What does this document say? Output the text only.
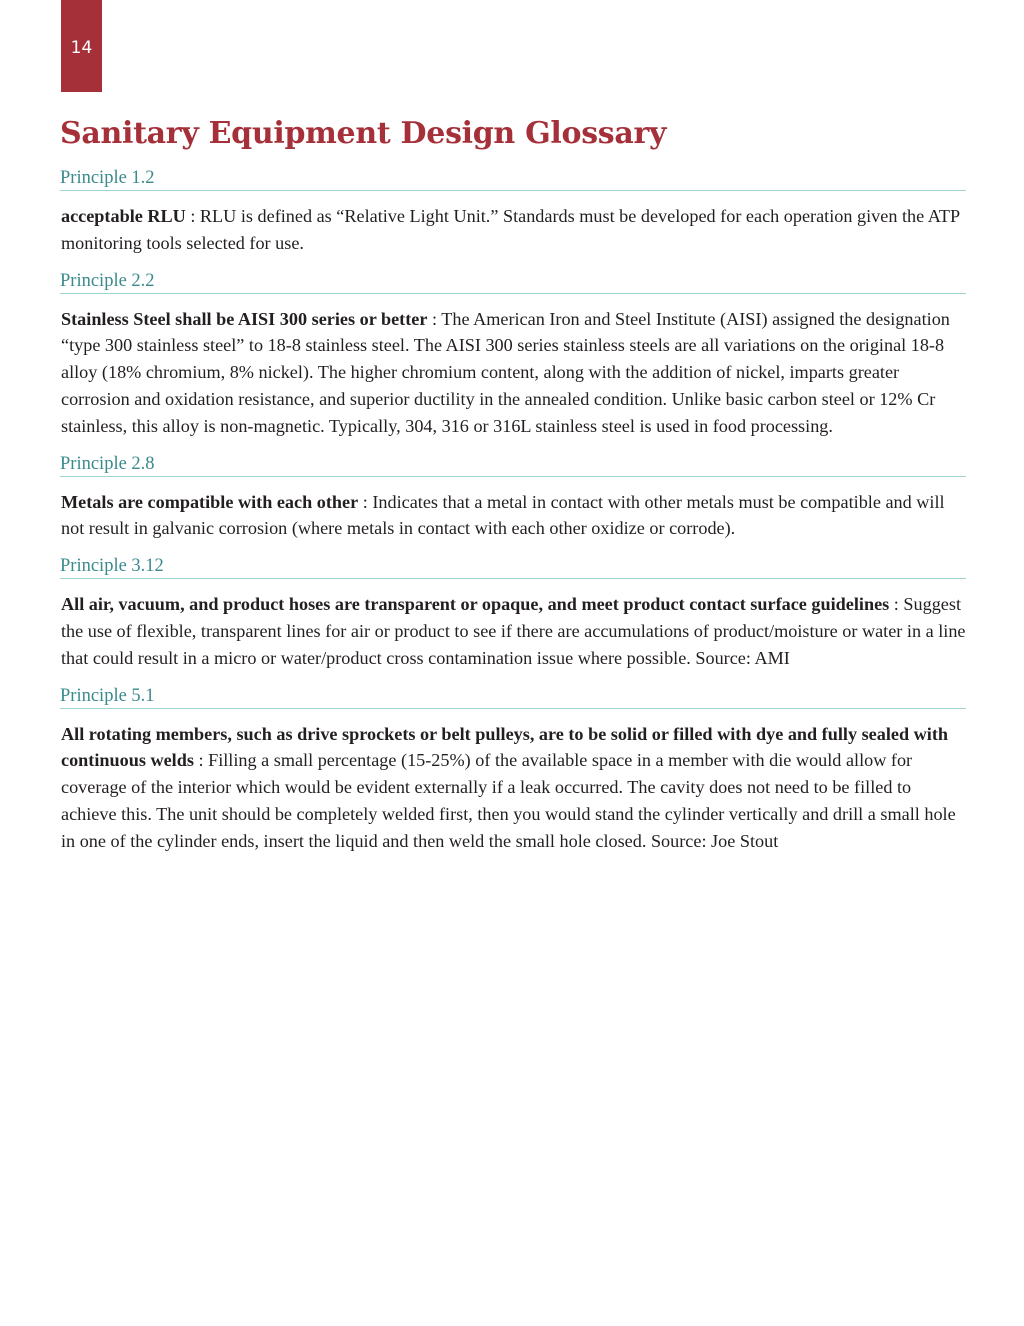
14
Sanitary Equipment Design Glossary
Principle 1.2

acceptable RLU : RLU is defined as “Relative Light Unit.” Standards must be developed for each operation given the ATP monitoring tools selected for use.

Principle 2.2

Stainless Steel shall be AISI 300 series or better : The American Iron and Steel Institute (AISI) assigned the designation “type 300 stainless steel” to 18-8 stainless steel. The AISI 300 series stainless steels are all variations on the original 18-8 alloy (18% chromium, 8% nickel). The higher chromium content, along with the addition of nickel, imparts greater corrosion and oxidation resistance, and superior ductility in the annealed condition. Unlike basic carbon steel or 12% Cr stainless, this alloy is non-magnetic. Typically, 304, 316 or 316L stainless steel is used in food processing.

Principle 2.8

Metals are compatible with each other : Indicates that a metal in contact with other metals must be compatible and will not result in galvanic corrosion (where metals in contact with each other oxidize or corrode).

Principle 3.12

All air, vacuum, and product hoses are transparent or opaque, and meet product contact surface guidelines : Suggest the use of flexible, transparent lines for air or product to see if there are accumulations of product/moisture or water in a line that could result in a micro or water/product cross contamination issue where possible. Source: AMI

Principle 5.1

All rotating members, such as drive sprockets or belt pulleys, are to be solid or filled with dye and fully sealed with continuous welds : Filling a small percentage (15-25%) of the available space in a member with die would allow for coverage of the interior which would be evident externally if a leak occurred. The cavity does not need to be filled to achieve this. The unit should be completely welded first, then you would stand the cylinder vertically and drill a small hole in one of the cylinder ends, insert the liquid and then weld the small hole closed. Source: Joe Stout
